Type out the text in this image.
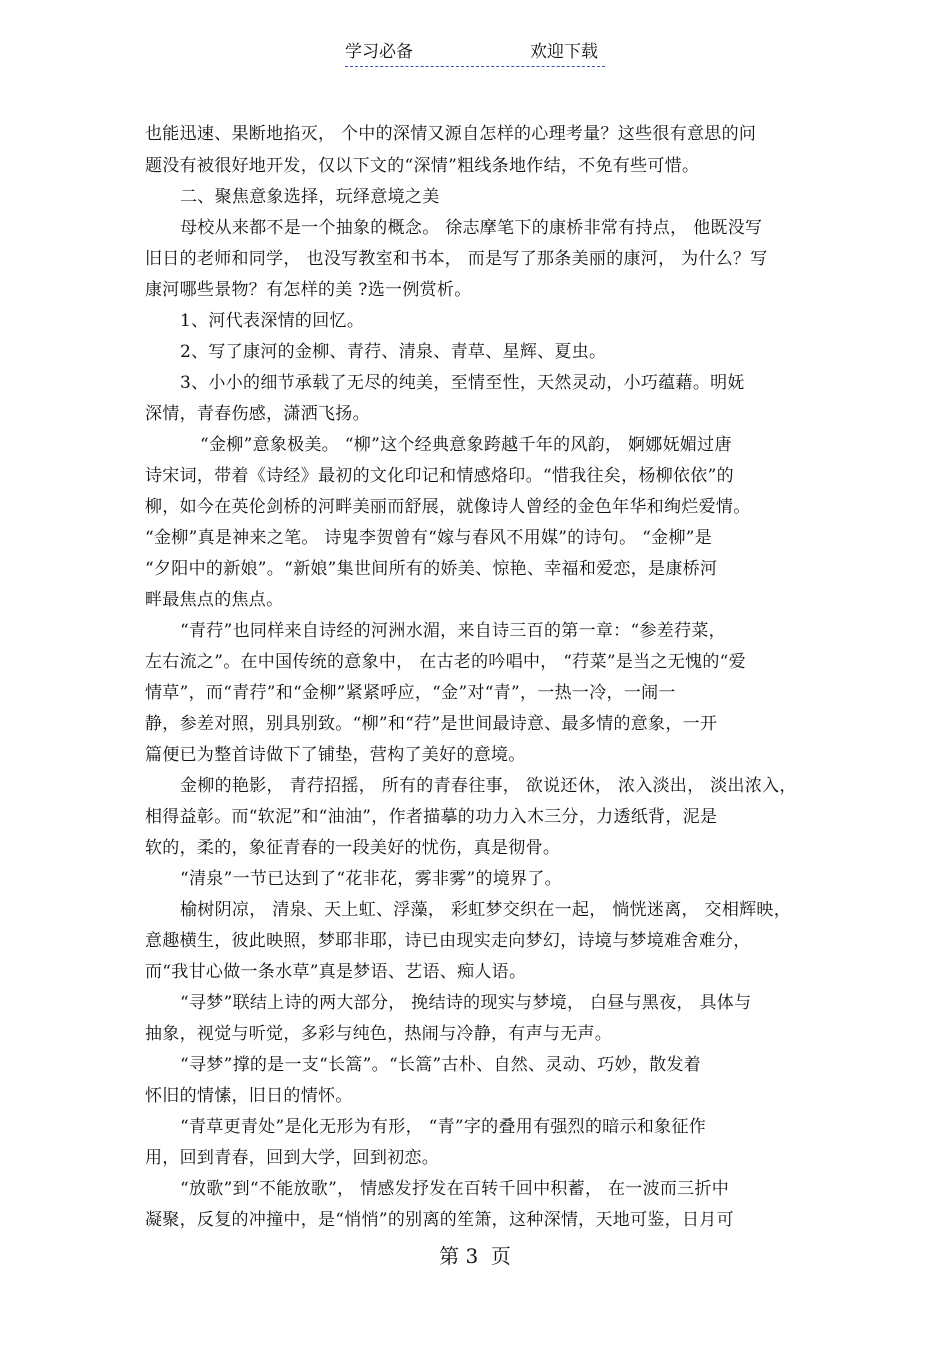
学习必备	欢迎下载
也能迅速、果断地掐灭， 个中的深情又源自怎样的心理考量？这些很有意思的问
题没有被很好地开发，仅以下文的“深情”粗线条地作结，不免有些可惜。
二、聚焦意象选择，玩绎意境之美
母校从来都不是一个抽象的概念。 徐志摩笔下的康桥非常有持点， 他既没写
旧日的老师和同学， 也没写教室和书本， 而是写了那条美丽的康河， 为什么？写
康河哪些景物？有怎样的美 ?选一例赏析。
1、河代表深情的回忆。
2、写了康河的金柳、青荇、清泉、青草、星辉、夏虫。
3、小小的细节承载了无尽的纯美，至情至性，天然灵动，小巧蕴藉。明妩
深情，青春伤感，潇洒飞扬。
“金柳”意象极美。 “柳”这个经典意象跨越千年的风韵， 婀娜妩媚过唐
诗宋词，带着《诗经》最初的文化印记和情感烙印。“惜我往矣，杨柳依依”的
柳，如今在英伦剑桥的河畔美丽而舒展，就像诗人曾经的金色年华和绚烂爱情。
“金柳”真是神来之笔。 诗鬼李贺曾有“嫁与春风不用媒”的诗句。 “金柳”是
“夕阳中的新娘”。“新娘”集世间所有的娇美、惊艳、幸福和爱恋，是康桥河
畔最焦点的焦点。
“青荇”也同样来自诗经的河洲水湄，来自诗三百的第一章：“参差荇菜，
左右流之”。在中国传统的意象中， 在古老的吟唱中， “荇菜”是当之无愧的“爱
情草”，而“青荇”和“金柳”紧紧呼应，“金”对“青”，一热一冷，一闹一
静，参差对照，别具别致。“柳”和“荇”是世间最诗意、最多情的意象，一开
篇便已为整首诗做下了铺垫，营构了美好的意境。
金柳的艳影， 青荇招摇， 所有的青春往事， 欲说还休， 浓入淡出， 淡出浓入，
相得益彰。而“软泥”和“油油”，作者描摹的功力入木三分，力透纸背，泥是
软的，柔的，象征青春的一段美好的忧伤，真是彻骨。
“清泉”一节已达到了“花非花，雾非雾”的境界了。
榆树阴凉， 清泉、天上虹、浮藻， 彩虹梦交织在一起， 惝恍迷离， 交相辉映，
意趣横生，彼此映照，梦耶非耶，诗已由现实走向梦幻，诗境与梦境难舍难分，
而“我甘心做一条水草”真是梦语、艺语、痴人语。
“寻梦”联结上诗的两大部分， 挽结诗的现实与梦境， 白昼与黑夜， 具体与
抽象，视觉与听觉，多彩与纯色，热闹与冷静，有声与无声。
“寻梦”撑的是一支“长篙”。“长篙”古朴、自然、灵动、巧妙，散发着
怀旧的情愫，旧日的情怀。
“青草更青处”是化无形为有形， “青”字的叠用有强烈的暗示和象征作
用，回到青春，回到大学，回到初恋。
“放歌”到“不能放歌”， 情感发抒发在百转千回中积蓄， 在一波而三折中
凝聚，反复的冲撞中，是“悄悄”的别离的笙箫，这种深情，天地可鉴，日月可
第 3  页
